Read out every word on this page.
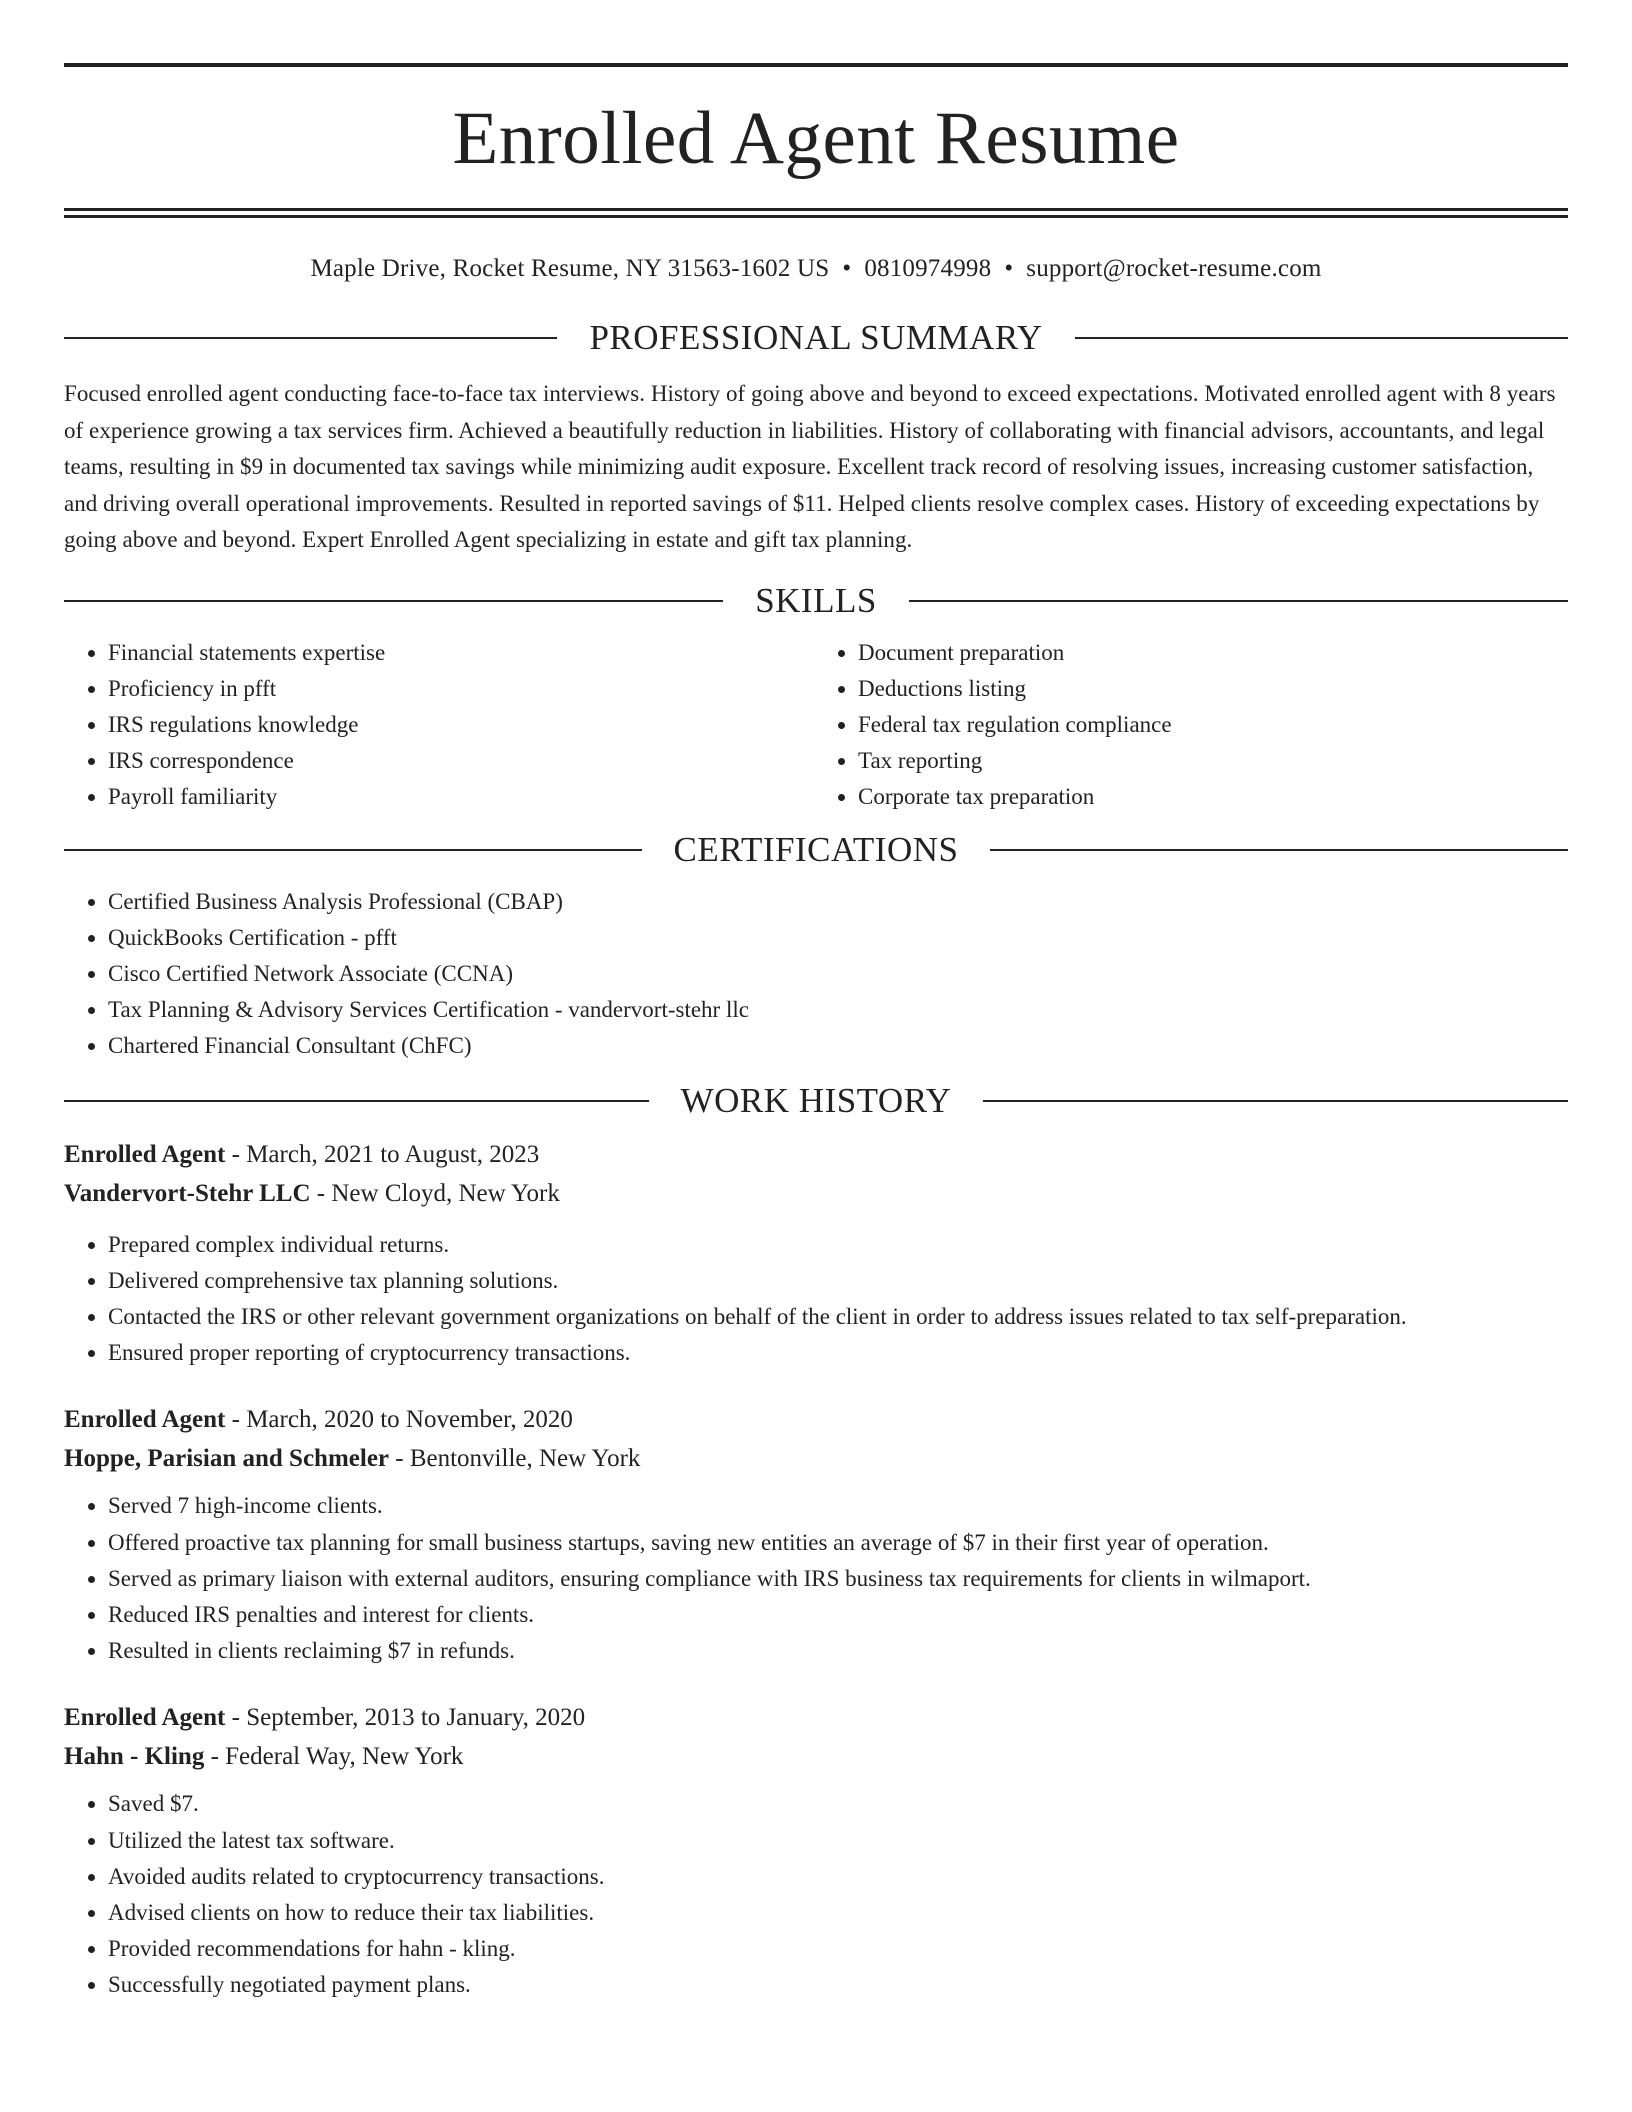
Enrolled Agent Resume
Maple Drive, Rocket Resume, NY 31563-1602 US • 0810974998 • support@rocket-resume.com
PROFESSIONAL SUMMARY

Focused enrolled agent conducting face-to-face tax interviews. History of going above and beyond to exceed expectations. Motivated enrolled agent with 8 years of experience growing a tax services firm. Achieved a beautifully reduction in liabilities. History of collaborating with financial advisors, accountants, and legal teams, resulting in $9 in documented tax savings while minimizing audit exposure. Excellent track record of resolving issues, increasing customer satisfaction, and driving overall operational improvements. Resulted in reported savings of $11. Helped clients resolve complex cases. History of exceeding expectations by going above and beyond. Expert Enrolled Agent specializing in estate and gift tax planning.

SKILLS
• Financial statements expertise
• Proficiency in pfft
• IRS regulations knowledge
• IRS correspondence
• Payroll familiarity
• Document preparation
• Deductions listing
• Federal tax regulation compliance
• Tax reporting
• Corporate tax preparation
CERTIFICATIONS
• Certified Business Analysis Professional (CBAP)
• QuickBooks Certification - pfft
• Cisco Certified Network Associate (CCNA)
• Tax Planning & Advisory Services Certification - vandervort-stehr llc
• Chartered Financial Consultant (ChFC)
WORK HISTORY

Enrolled Agent - March, 2021 to August, 2023

Vandervort-Stehr LLC - New Cloyd, New York

• Prepared complex individual returns.
• Delivered comprehensive tax planning solutions.
• Contacted the IRS or other relevant government organizations on behalf of the client in order to address issues related to tax self-preparation.
• Ensured proper reporting of cryptocurrency transactions.

Enrolled Agent - March, 2020 to November, 2020

Hoppe, Parisian and Schmeler - Bentonville, New York

• Served 7 high-income clients.
• Offered proactive tax planning for small business startups, saving new entities an average of $7 in their first year of operation.
• Served as primary liaison with external auditors, ensuring compliance with IRS business tax requirements for clients in wilmaport.
• Reduced IRS penalties and interest for clients.
• Resulted in clients reclaiming $7 in refunds.

Enrolled Agent - September, 2013 to January, 2020

Hahn - Kling - Federal Way, New York

• Saved $7.
• Utilized the latest tax software.
• Avoided audits related to cryptocurrency transactions.
• Advised clients on how to reduce their tax liabilities.
• Provided recommendations for hahn - kling.
• Successfully negotiated payment plans.
